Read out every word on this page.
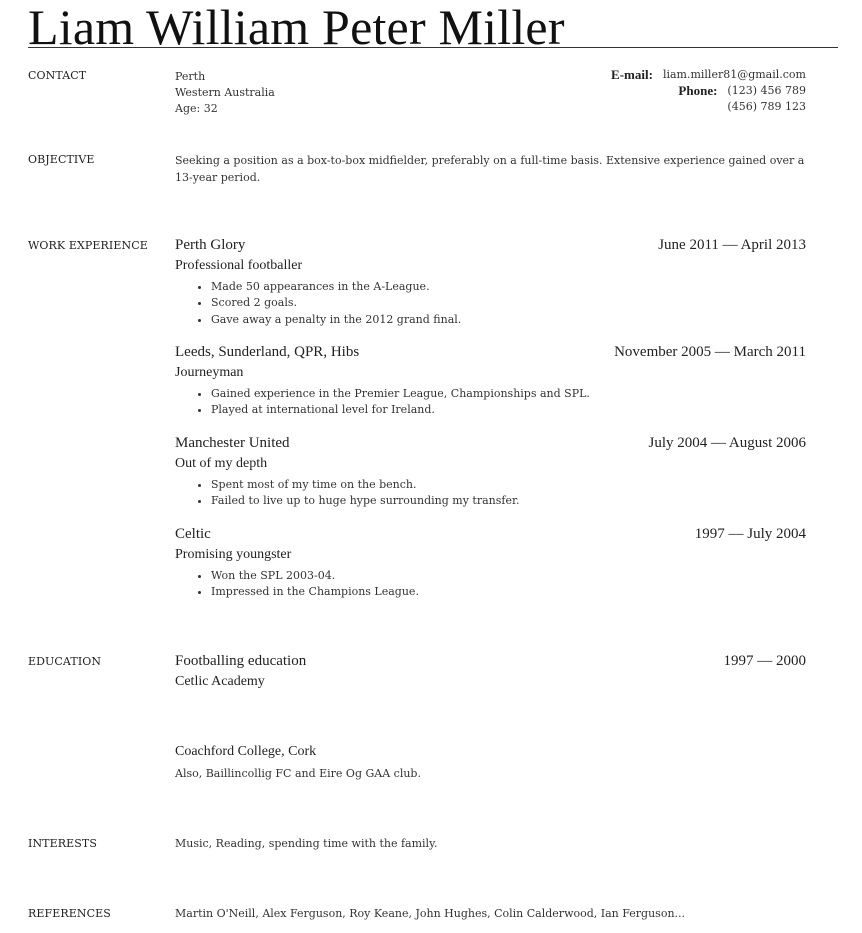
Liam William Peter Miller
CONTACT	Perth
Western Australia
Age: 32
E-mail: liam.miller81@gmail.com
Phone: (123) 456 789
(456) 789 123
OBJECTIVE	Seeking a position as a box-to-box midfielder, preferably on a full-time basis. Extensive experience gained over a 13-year period.
WORK EXPERIENCE Perth Glory	June 2011 — April 2013
Professional footballer
• Made 50 appearances in the A-League.
• Scored 2 goals.
• Gave away a penalty in the 2012 grand final.
Leeds, Sunderland, QPR, Hibs	November 2005 — March 2011
Journeyman
• Gained experience in the Premier League, Championships and SPL.
• Played at international level for Ireland.
Manchester United	July 2004 — August 2006
Out of my depth
• Spent most of my time on the bench.
• Failed to live up to huge hype surrounding my transfer.
Celtic	1997 — July 2004
Promising youngster
• Won the SPL 2003-04.
• Impressed in the Champions League.
EDUCATION	Footballing education	1997 — 2000
Cetlic Academy
Coachford College, Cork
Also, Baillincollig FC and Eire Og GAA club.
INTERESTS	Music, Reading, spending time with the family.
REFERENCES	Martin O'Neill, Alex Ferguson, Roy Keane, John Hughes, Colin Calderwood, Ian Ferguson...
